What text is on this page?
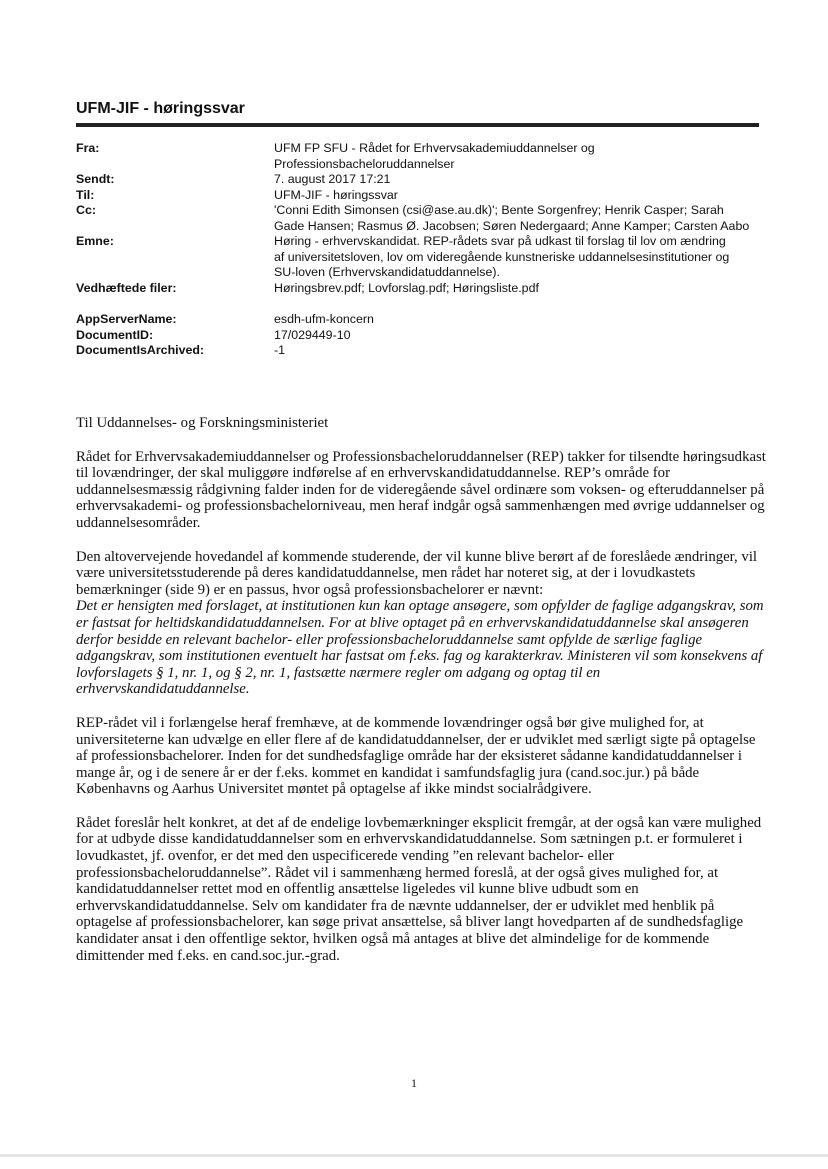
UFM-JIF - høringssvar
Fra:	UFM FP SFU - Rådet for Erhvervsakademiuddannelser og
Professionsbacheloruddannelser
Sendt:	7. august 2017 17:21
Til:	UFM-JIF - høringssvar
Cc:	'Conni Edith Simonsen (csi@ase.au.dk)'; Bente Sorgenfrey; Henrik Casper; Sarah
Gade Hansen; Rasmus Ø. Jacobsen; Søren Nedergaard; Anne Kamper; Carsten Aabo
Emne:	Høring - erhvervskandidat. REP-rådets svar på udkast til forslag til lov om ændring
af universitetsloven, lov om videregående kunstneriske uddannelsesinstitutioner og
SU-loven (Erhvervskandidatuddannelse).
Vedhæftede filer:	Høringsbrev.pdf; Lovforslag.pdf; Høringsliste.pdf
AppServerName:	esdh-ufm-koncern
DocumentID:	17/029449-10
DocumentIsArchived:	-1

Til Uddannelses- og Forskningsministeriet

Rådet for Erhvervsakademiuddannelser og Professionsbacheloruddannelser (REP) takker for tilsendte høringsudkast til lovændringer, der skal muliggøre indførelse af en erhvervskandidatuddannelse. REP’s område for uddannelsesmæssig rådgivning falder inden for de videregående såvel ordinære som voksen- og efteruddannelser på erhvervsakademi- og professionsbachelorniveau, men heraf indgår også sammenhængen med øvrige uddannelser og uddannelsesområder.

Den altovervejende hovedandel af kommende studerende, der vil kunne blive berørt af de foreslåede ændringer, vil være universitetsstuderende på deres kandidatuddannelse, men rådet har noteret sig, at der i lovudkastets bemærkninger (side 9) er en passus, hvor også professionsbachelorer er nævnt:
Det er hensigten med forslaget, at institutionen kun kan optage ansøgere, som opfylder de faglige adgangskrav, som er fastsat for heltidskandidatuddannelsen. For at blive optaget på en erhvervskandidatuddannelse skal ansøgeren derfor besidde en relevant bachelor- eller professionsbacheloruddannelse samt opfylde de særlige faglige adgangskrav, som institutionen eventuelt har fastsat om f.eks. fag og karakterkrav. Ministeren vil som konsekvens af lovforslagets § 1, nr. 1, og § 2, nr. 1, fastsætte nærmere regler om adgang og optag til en erhvervskandidatuddannelse.

REP-rådet vil i forlængelse heraf fremhæve, at de kommende lovændringer også bør give mulighed for, at universiteterne kan udvælge en eller flere af de kandidatuddannelser, der er udviklet med særligt sigte på optagelse af professionsbachelorer. Inden for det sundhedsfaglige område har der eksisteret sådanne kandidatuddannelser i mange år, og i de senere år er der f.eks. kommet en kandidat i samfundsfaglig jura (cand.soc.jur.) på både Københavns og Aarhus Universitet møntet på optagelse af ikke mindst socialrådgivere.

Rådet foreslår helt konkret, at det af de endelige lovbemærkninger eksplicit fremgår, at der også kan være mulighed for at udbyde disse kandidatuddannelser som en erhvervskandidatuddannelse. Som sætningen p.t. er formuleret i lovudkastet, jf. ovenfor, er det med den uspecificerede vending ”en relevant bachelor- eller professionsbacheloruddannelse”. Rådet vil i sammenhæng hermed foreslå, at der også gives mulighed for, at kandidatuddannelser rettet mod en offentlig ansættelse ligeledes vil kunne blive udbudt som en erhvervskandidatuddannelse. Selv om kandidater fra de nævnte uddannelser, der er udviklet med henblik på optagelse af professionsbachelorer, kan søge privat ansættelse, så bliver langt hovedparten af de sundhedsfaglige kandidater ansat i den offentlige sektor, hvilken også må antages at blive det almindelige for de kommende dimittender med f.eks. en cand.soc.jur.-grad.

1
